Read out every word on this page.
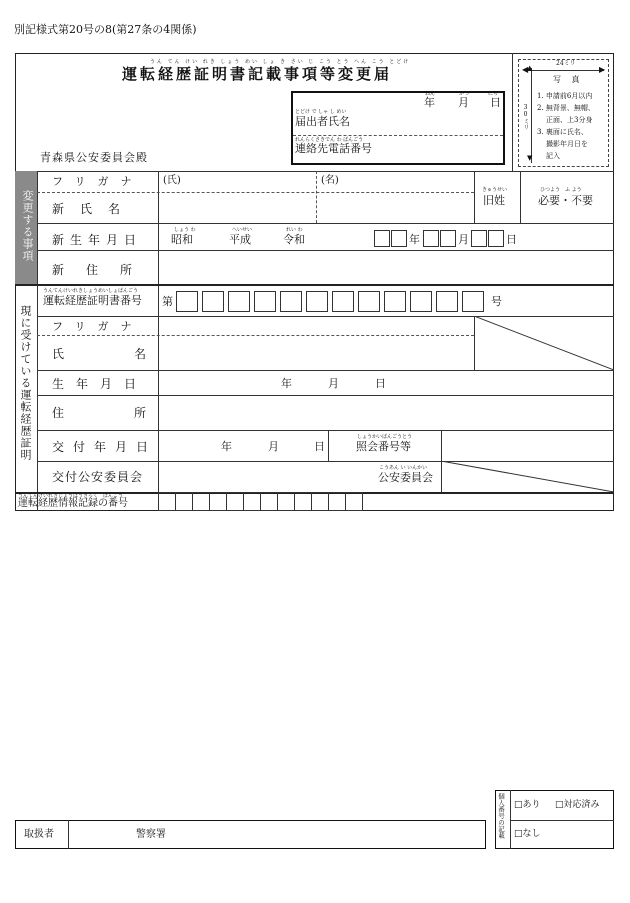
別記様式第20号の8(第27条の4関係)
うん てん けい れき しょう めい しょ き さい じ こう とう へん こう とどけ
運転経歴証明書記載事項等変更届
青森県公安委員会殿
ねん	がつ	にち
年 月 日
とどけ で しゃ し めい
届出者氏名
れんらくさきでん わ ばんごう
連絡先電話番号
24ミリ
◀	▶
写 真
▲
▼
30ミリ
1. 申請前6月以内
2. 無背景、無帽、
正面、上3分身
3. 裏面に氏名、
撮影年月日を
記入
変更する事項
フリガナ (氏)	(名)
新氏名
きゅうせい
旧姓
ひつよう　ふ よう
必要・不要
新生年月日
しょう わ	へいせい	れい わ
昭和	平成	令和	年	月	日
新住所
現に受けている運転経歴証明
うんてんけいれきしょうめいしょばんごう
運転経歴証明書番号 第	号
フリガナ
氏名
生年月日	年	月	日
住所
交付年月日	年	月	日
しょうかいばんごうとう
照会番号等
交付公安委員会
こうあん い いんかい
公安委員会
うんてんけいれきじょうほうきろく　ばんごう
運転経歴情報記録の番号
取扱者	警察署	個人番号の記載 □あり □対応済み
□なし
